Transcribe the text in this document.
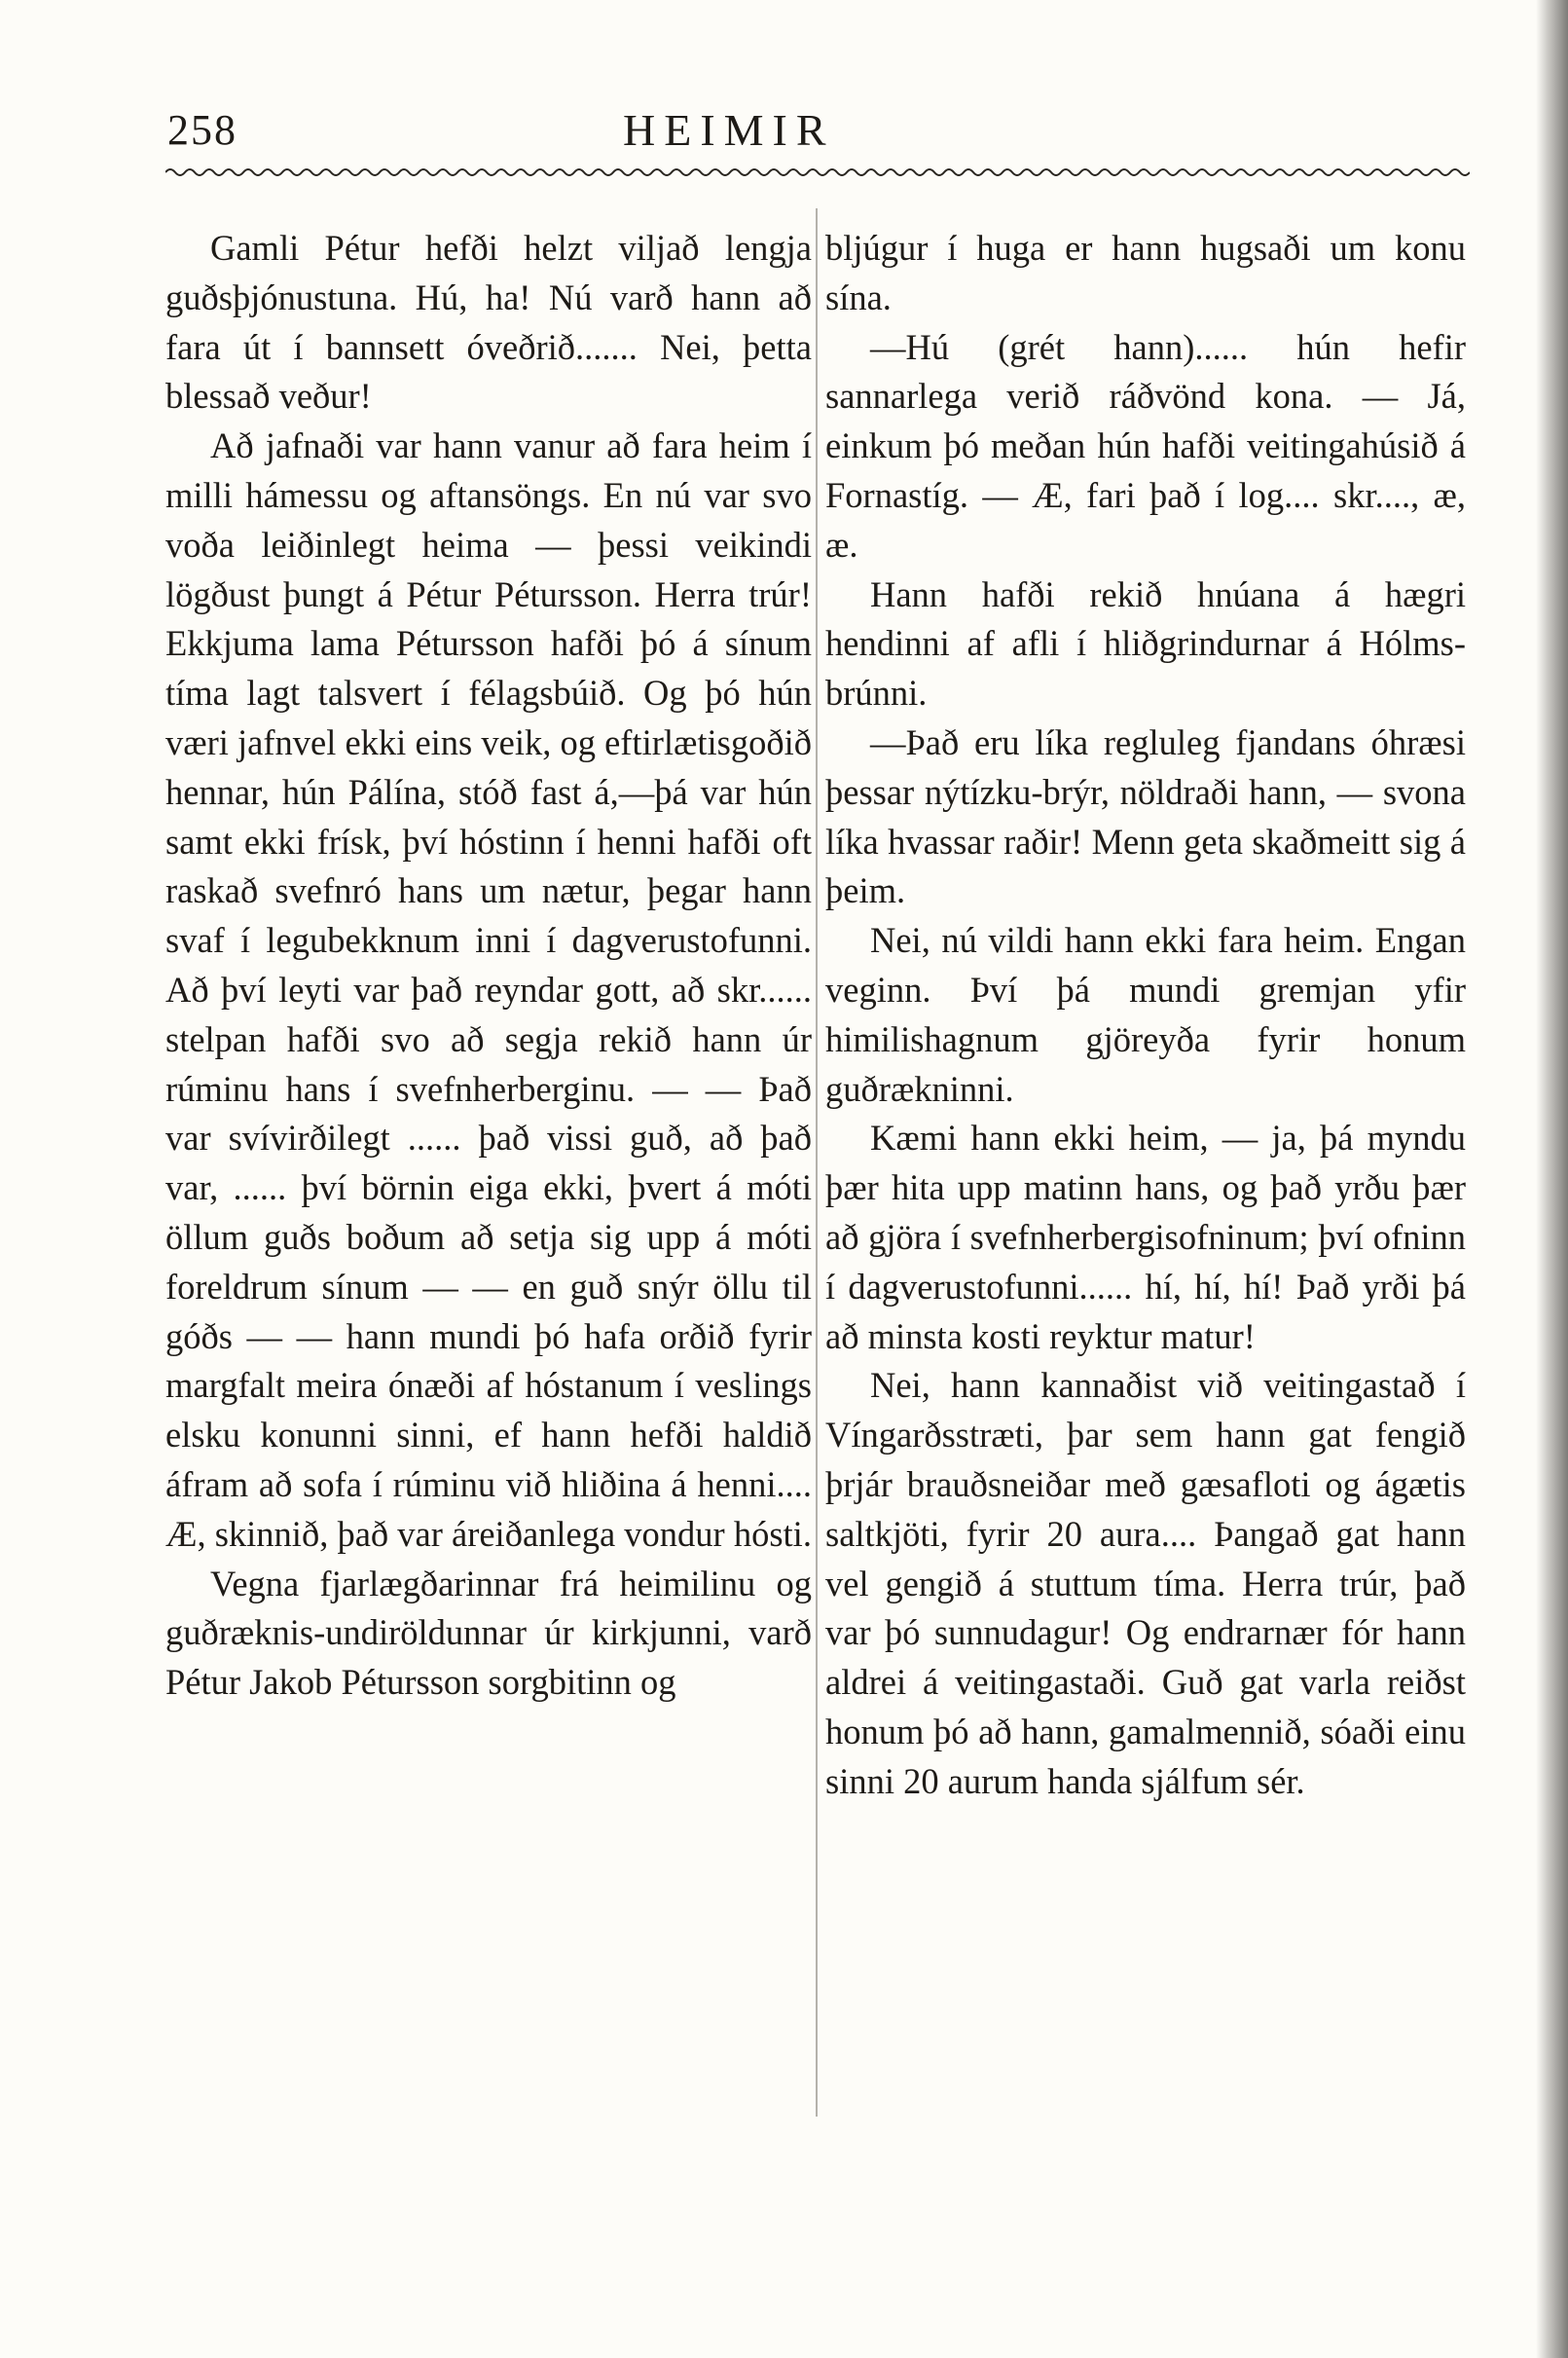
258	HEIMIR

Gamli Pétur hefði helzt viljað lengja guðsþjónustuna. Hú, ha! Nú varð hann að fara út í bannsett óveðrið....... Nei, þetta blessað veður!

Að jafnaði var hann vanur að fara heim í milli hámessu og aftansöngs. En nú var svo voða leiðinlegt heima — þessi veikindi lögðust þungt á Pétur Pétursson. Herra trúr! Ekkjuma lama Pétursson hafði þó á sínum tíma lagt talsvert í félagsbúið. Og þó hún væri jafnvel ekki eins veik, og eftirlætisgoðið hennar, hún Pálína, stóð fast á,—þá var hún samt ekki frísk, því hóstinn í henni hafði oft raskað svefnró hans um nætur, þegar hann svaf í legubekknum inni í dagverustofunni. Að því leyti var það reyndar gott, að skr...... stelpan hafði svo að segja rekið hann úr rúminu hans í svefnherberginu. — — Það var svívirðilegt ...... það vissi guð, að það var, ...... því börnin eiga ekki, þvert á móti öllum guðs boðum að setja sig upp á móti foreldrum sínum — — en guð snýr öllu til góðs — — hann mundi þó hafa orðið fyrir margfalt meira ónæði af hóstanum í veslings elsku konunni sinni, ef hann hefði haldið áfram að sofa í rúminu við hliðina á henni.... Æ, skinnið, það var áreiðanlega vondur hósti.

Vegna fjarlægðarinnar frá heimilinu og guðræknis-undiröldunnar úr kirkjunni, varð Pétur Jakob Pétursson sorgbitinn og

bljúgur í huga er hann hugsaði um konu sína.

—Hú (grét hann)...... hún hefir sannarlega verið ráðvönd kona. — Já, einkum þó meðan hún hafði veitingahúsið á Fornastíg. — Æ, fari það í log.... skr...., æ, æ.

Hann hafði rekið hnúana á hægri hendinni af afli í hliðgrindurnar á Hólms-brúnni.

—Það eru líka regluleg fjandans óhræsi þessar nýtízku-brýr, nöldraði hann, — svona líka hvassar raðir! Menn geta skaðmeitt sig á þeim.

Nei, nú vildi hann ekki fara heim. Engan veginn. Því þá mundi gremjan yfir himilishagnum gjöreyða fyrir honum guðrækninni.

Kæmi hann ekki heim, — ja, þá myndu þær hita upp matinn hans, og það yrðu þær að gjöra í svefnherbergisofninum; því ofninn í dagverustofunni...... hí, hí, hí! Það yrði þá að minsta kosti reyktur matur!

Nei, hann kannaðist við veitingastað í Víngarðsstræti, þar sem hann gat fengið þrjár brauðsneiðar með gæsafloti og ágætis saltkjöti, fyrir 20 aura.... Þangað gat hann vel gengið á stuttum tíma. Herra trúr, það var þó sunnudagur! Og endrarnær fór hann aldrei á veitingastaði. Guð gat varla reiðst honum þó að hann, gamalmennið, sóaði einu sinni 20 aurum handa sjálfum sér.
